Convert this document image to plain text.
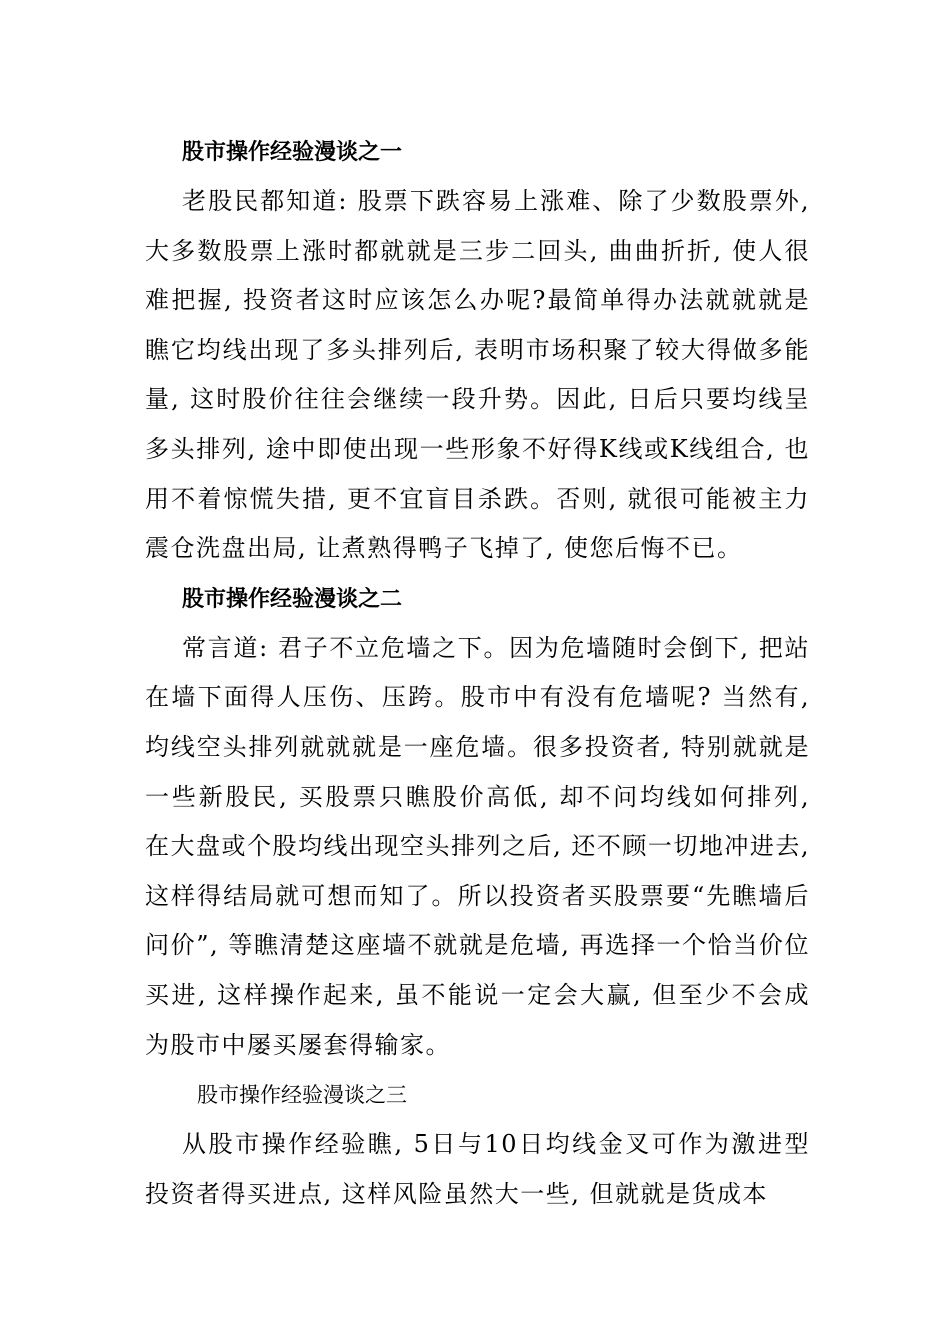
股市操作经验漫谈之一

老股民都知道: 股票下跌容易上涨难、除了少数股票外, 大多数股票上涨时都就就是三步二回头, 曲曲折折, 使人很难把握, 投资者这时应该怎么办呢?最简单得办法就就就是瞧它均线出现了多头排列后, 表明市场积聚了较大得做多能量, 这时股价往往会继续一段升势。因此, 日后只要均线呈多头排列, 途中即使出现一些形象不好得K线或K线组合, 也用不着惊慌失措, 更不宜盲目杀跌。否则, 就很可能被主力震仓洗盘出局, 让煮熟得鸭子飞掉了, 使您后悔不已。

股市操作经验漫谈之二

常言道: 君子不立危墙之下。因为危墙随时会倒下, 把站在墙下面得人压伤、压跨。股市中有没有危墙呢? 当然有, 均线空头排列就就就是一座危墙。很多投资者, 特别就就是一些新股民, 买股票只瞧股价高低, 却不问均线如何排列, 在大盘或个股均线出现空头排列之后, 还不顾一切地冲进去, 这样得结局就可想而知了。所以投资者买股票要“先瞧墙后问价”, 等瞧清楚这座墙不就就是危墙, 再选择一个恰当价位买进, 这样操作起来, 虽不能说一定会大赢, 但至少不会成为股市中屡买屡套得输家。

股市操作经验漫谈之三

从股市操作经验瞧, 5日与10日均线金叉可作为激进型投资者得买进点, 这样风险虽然大一些, 但就就是货成本
